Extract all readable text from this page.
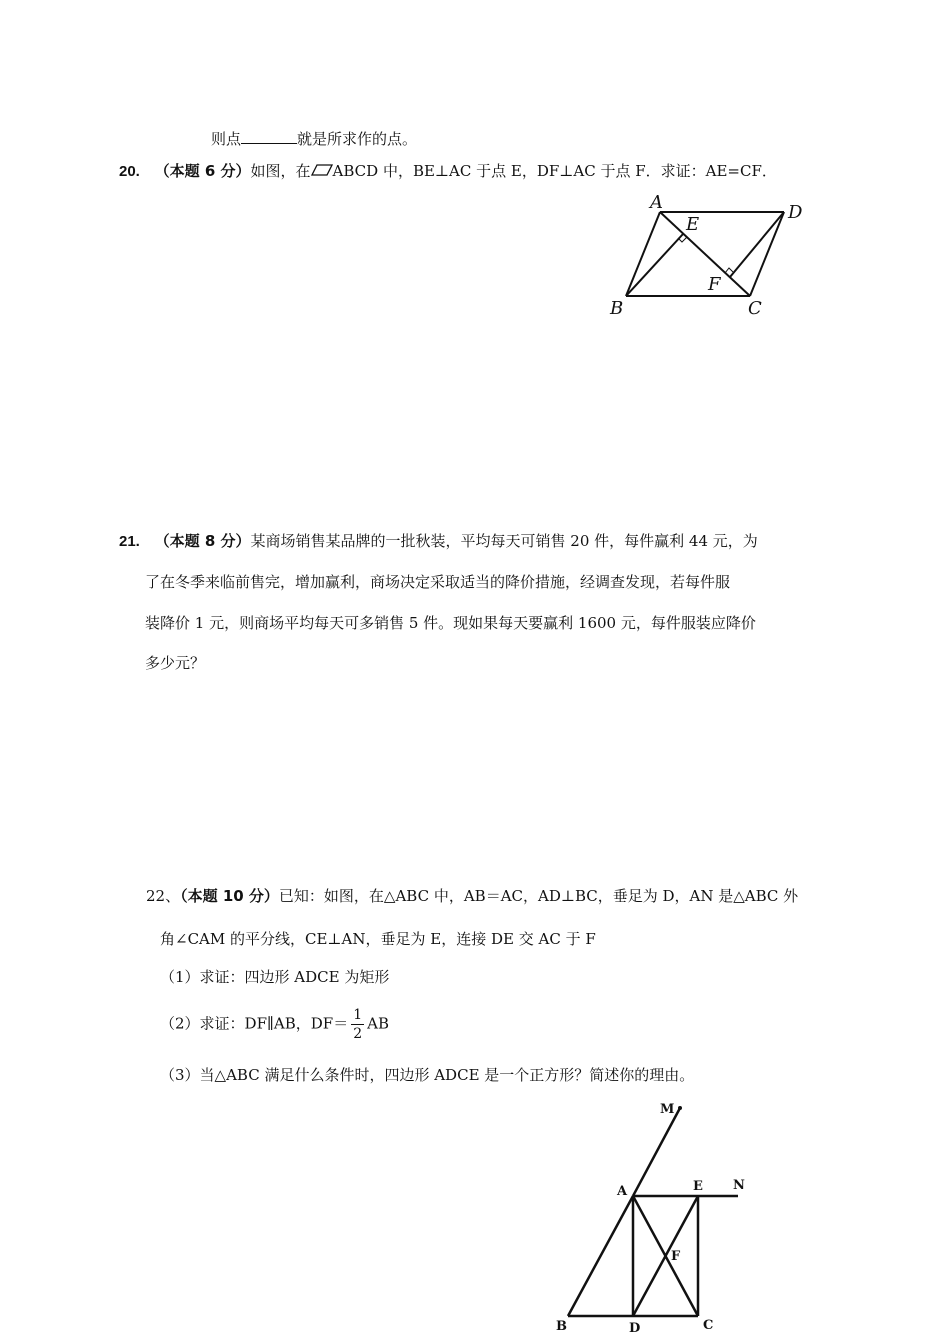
则点	就是所求作的点。
20. （本题 6 分）如图，在 ABCD 中，BE⊥AC 于点 E，DF⊥AC 于点 F．求证：AE=CF．
A
E
D
F
B	C
21. （本题 8 分）某商场销售某品牌的一批秋装，平均每天可销售 20 件，每件赢利 44 元，为
了在冬季来临前售完，增加赢利，商场决定采取适当的降价措施，经调查发现，若每件服
装降价 1 元，则商场平均每天可多销售 5 件。现如果每天要赢利 1600 元，每件服装应降价
多少元？
22、（本题 10 分）已知：如图，在△ABC 中，AB＝AC，AD⊥BC，垂足为 D，AN 是△ABC 外
角∠CAM 的平分线，CE⊥AN，垂足为 E，连接 DE 交 AC 于 F
（1）求证：四边形 ADCE 为矩形
（2）求证：DF∥AB，$DF= \frac{1}{2}$ AB
（3）当△ABC 满足什么条件时，四边形 ADCE 是一个正方形？简述你的理由。
M
A	E N
F
B	D	C
